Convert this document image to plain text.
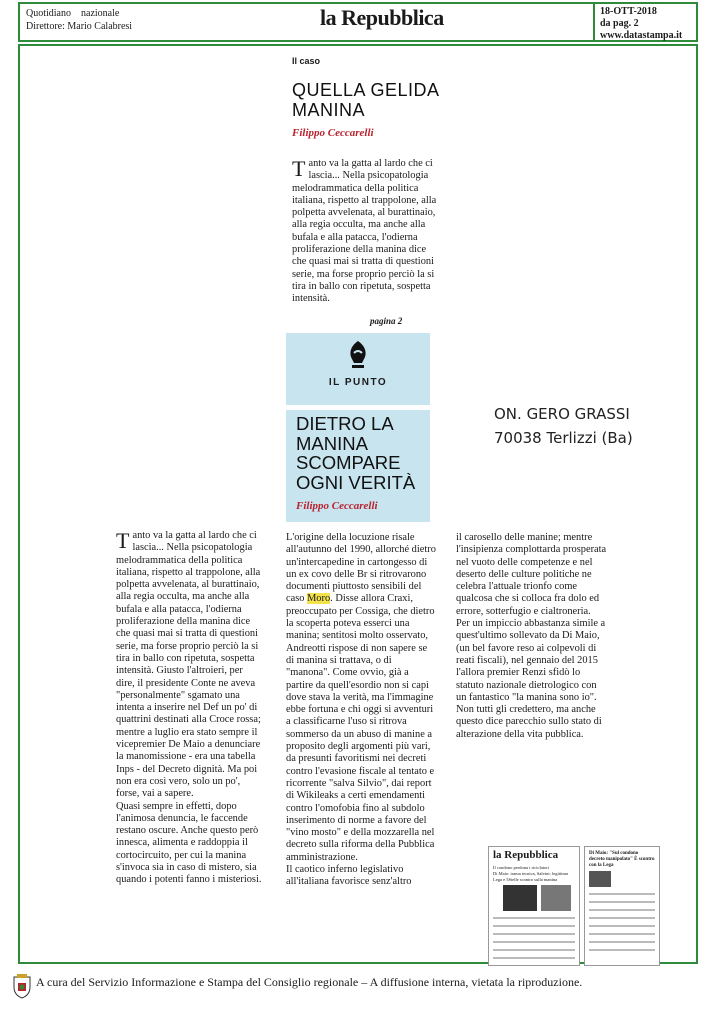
Quotidiano nazionale
Direttore: Mario Calabresi	la Repubblica	18-OTT-2018
da pag. 2
www.datastampa.it
Il caso
QUELLA GELIDA MANINA
Filippo Ceccarelli

Tanto va la gatta al lardo che ci lascia... Nella psicopatologia melodrammatica della politica italiana, rispetto al trappolone, alla polpetta avvelenata, al burattinaio, alla regia occulta, ma anche alla bufala e alla patacca, l'odierna proliferazione della manina dice che quasi mai si tratta di questioni serie, ma forse proprio perciò la si tira in ballo con ripetuta, sospetta intensità.

pagina 2
IL PUNTO
DIETRO LA MANINA SCOMPARE OGNI VERITÀ
Filippo Ceccarelli
ON. GERO GRASSI
70038 Terlizzi (Ba)

Tanto va la gatta al lardo che ci lascia... Nella psicopatologia melodrammatica della politica italiana, rispetto al trappolone, alla polpetta avvelenata, al burattinaio, alla regia occulta, ma anche alla bufala e alla patacca, l'odierna proliferazione della manina dice che quasi mai si tratta di questioni serie, ma forse proprio perciò la si tira in ballo con ripetuta, sospetta intensità. Giusto l'altroieri, per dire, il presidente Conte ne aveva "personalmente" sgamato una intenta a inserire nel Def un po' di quattrini destinati alla Croce rossa; mentre a luglio era stato sempre il vicepremier De Maio a denunciare la manomissione - era una tabella Inps - del Decreto dignità. Ma poi non era così vero, solo un po', forse, vai a sapere.

Quasi sempre in effetti, dopo l'animosa denuncia, le faccende restano oscure. Anche questo però innesca, alimenta e raddoppia il cortocircuito, per cui la manina s'invoca sia in caso di mistero, sia quando i potenti fanno i misteriosi.

L'origine della locuzione risale all'autunno del 1990, allorché dietro un'intercapedine in cartongesso di un ex covo delle Br si ritrovarono documenti piuttosto sensibili del caso Moro. Disse allora Craxi, preoccupato per Cossiga, che dietro la scoperta poteva esserci una manina; sentitosi molto osservato, Andreotti rispose di non sapere se di manina si trattava, o di "manona". Come ovvio, già a partire da quell'esordio non si capì dove stava la verità, ma l'immagine ebbe fortuna e chi oggi si avventuri a classificarne l'uso si ritrova sommerso da un abuso di manine a proposito degli argomenti più vari, da presunti favoritismi nei decreti contro l'evasione fiscale al tentato e ricorrente "salva Silvio", dai report di Wikileaks a certi emendamenti contro l'omofobia fino al subdolo inserimento di norme a favore del "vino mosto" e della mozzarella nel decreto sulla riforma della Pubblica amministrazione.

Il caotico inferno legislativo all'italiana favorisce senz'altro

il carosello delle manine; mentre l'insipienza complottarda prosperata nel vuoto delle competenze e nel deserto delle culture politiche ne celebra l'attuale trionfo come qualcosa che si colloca fra dolo ed errore, sotterfugio e cialtroneria.

Per un impiccio abbastanza simile a quest'ultimo sollevato da Di Maio, (un bel favore reso ai colpevoli di reati fiscali), nel gennaio del 2015 l'allora premier Renzi sfidò lo statuto nazionale dietrologico con un fantastico "la manina sono io". Non tutti gli credettero, ma anche questo dice parecchio sullo stato di alterazione della vita pubblica.

la Repubblica
Il condono perdona i riciclatori
Di Maio: trama tecnica, Salvini: legittima
Lega e 5Stelle scontro sulla manina
Di Maio: "Sul condono decreto manipolato" È scontro con la Lega
A cura del Servizio Informazione e Stampa del Consiglio regionale – A diffusione interna, vietata la riproduzione.
